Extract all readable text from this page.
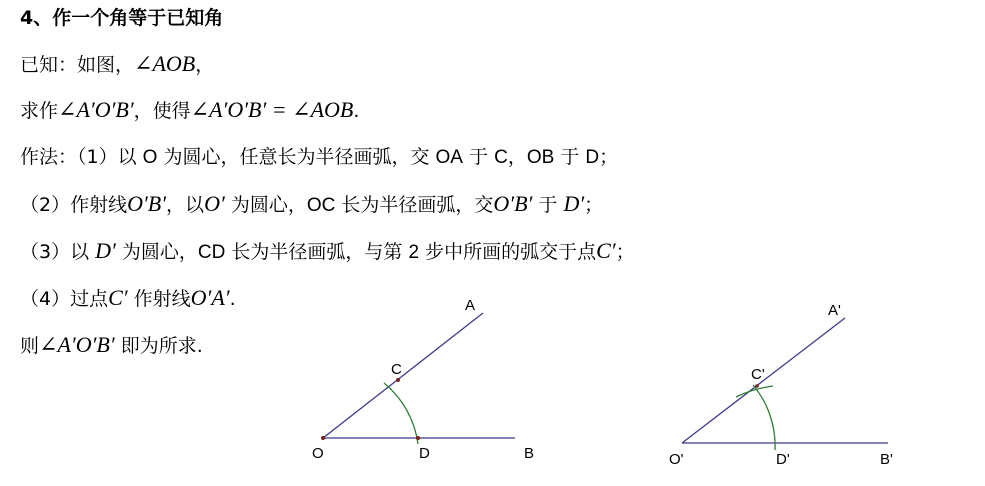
4、作一个角等于已知角
已知：如图，∠AOB，
求作∠A′O′B′，使得∠A′O′B′ = ∠AOB.
作法：（1）以 O 为圆心，任意长为半径画弧，交 OA 于 C，OB 于 D；
（2）作射线O′B′，以O′ 为圆心，OC 长为半径画弧，交O′B′ 于 D′；
（3）以 D′ 为圆心，CD 长为半径画弧，与第 2 步中所画的弧交于点C′；
（4）过点C′ 作射线O′A′.
则∠A′O′B′ 即为所求.
O
A
B
C
D	O'
A'
B'
C'
D'
